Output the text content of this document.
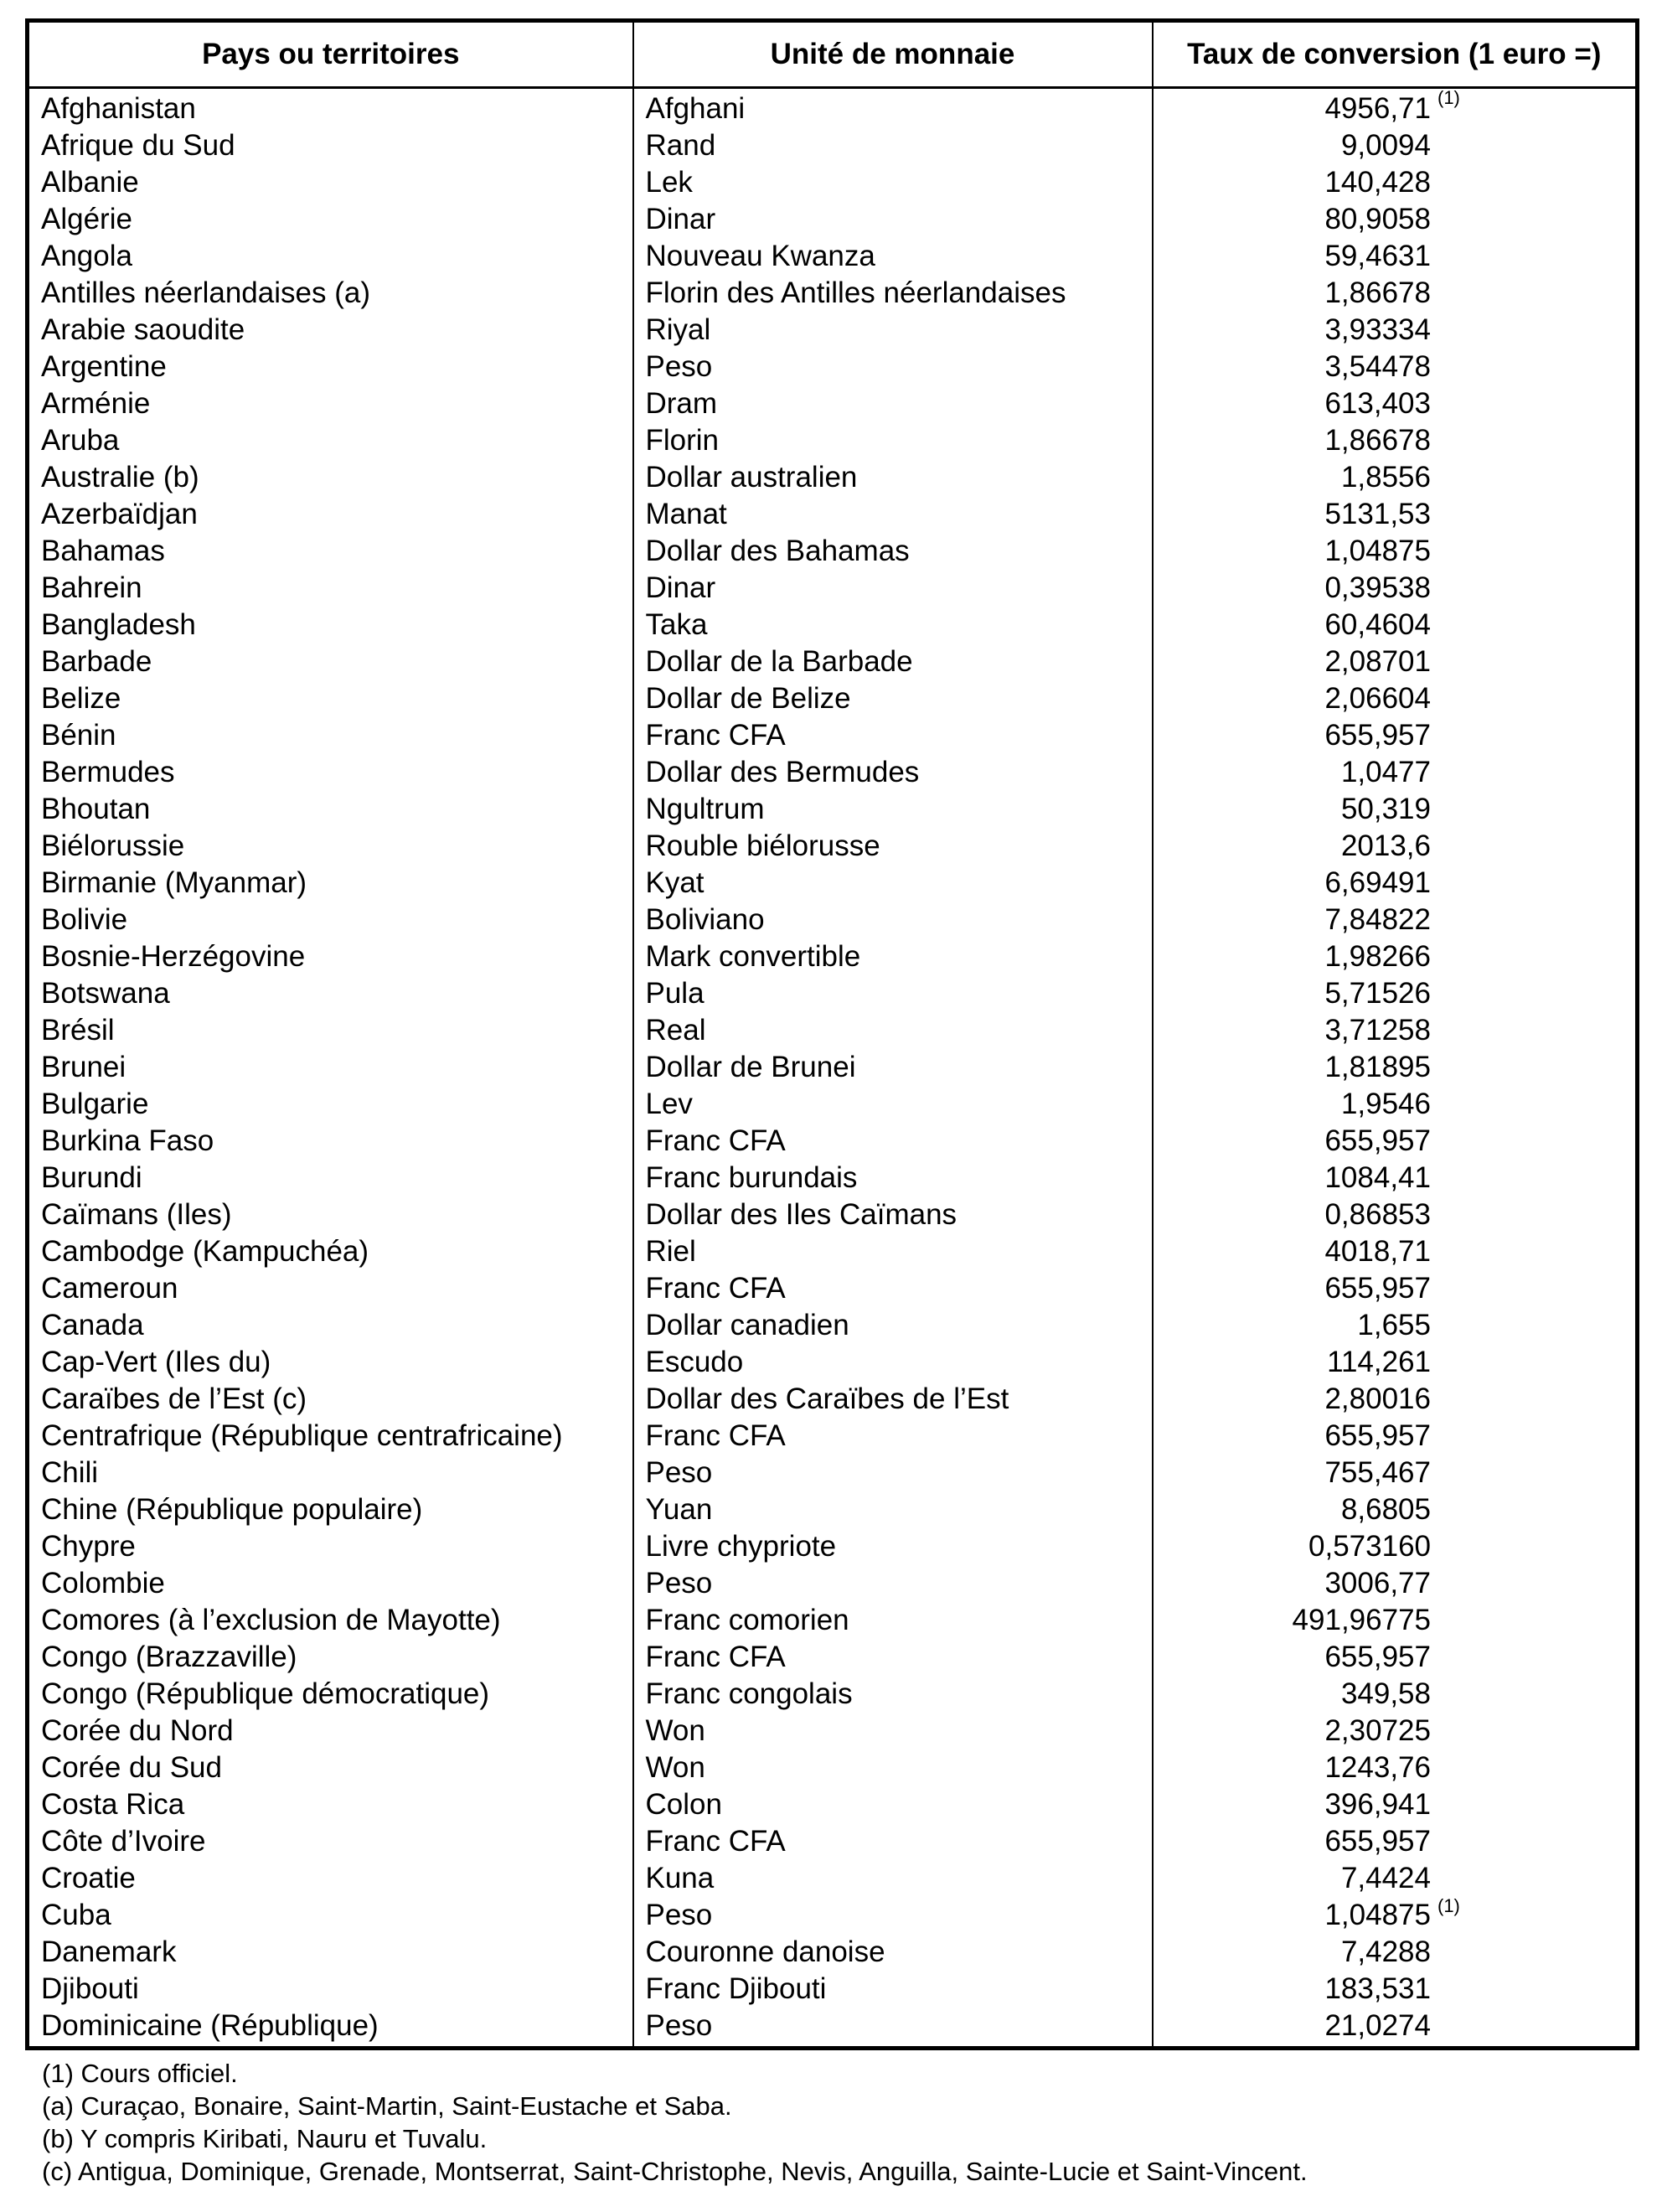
Pays ou territoires	Unité de monnaie	Taux de conversion (1 euro =)
Afghanistan	Afghani	4956,71 (1)

Afrique du Sud	Rand	9,0094
Albanie	Lek	140,428
Algérie	Dinar	80,9058
Angola	Nouveau Kwanza	59,4631
Antilles néerlandaises (a)	Florin des Antilles néerlandaises	1,86678
Arabie saoudite	Riyal	3,93334
Argentine	Peso	3,54478
Arménie	Dram	613,403
Aruba	Florin	1,86678
Australie (b)	Dollar australien	1,8556
Azerbaïdjan	Manat	5131,53
Bahamas	Dollar des Bahamas	1,04875
Bahrein	Dinar	0,39538
Bangladesh	Taka	60,4604
Barbade	Dollar de la Barbade	2,08701
Belize	Dollar de Belize	2,06604
Bénin	Franc CFA	655,957
Bermudes	Dollar des Bermudes	1,0477
Bhoutan	Ngultrum	50,319
Biélorussie	Rouble biélorusse	2013,6
Birmanie (Myanmar)	Kyat	6,69491
Bolivie	Boliviano	7,84822
Bosnie-Herzégovine	Mark convertible	1,98266
Botswana	Pula	5,71526
Brésil	Real	3,71258
Brunei	Dollar de Brunei	1,81895
Bulgarie	Lev	1,9546
Burkina Faso	Franc CFA	655,957
Burundi	Franc burundais	1084,41
Caïmans (Iles)	Dollar des Iles Caïmans	0,86853
Cambodge (Kampuchéa)	Riel	4018,71
Cameroun	Franc CFA	655,957
Canada	Dollar canadien	1,655
Cap-Vert (Iles du)	Escudo	114,261
Caraïbes de l’Est (c)	Dollar des Caraïbes de l’Est	2,80016
Centrafrique (République centrafricaine)	Franc CFA	655,957
Chili	Peso	755,467
Chine (République populaire)	Yuan	8,6805
Chypre	Livre chypriote	0,573160
Colombie	Peso	3006,77
Comores (à l’exclusion de Mayotte)	Franc comorien	491,96775
Congo (Brazzaville)	Franc CFA	655,957
Congo (République démocratique)	Franc congolais	349,58
Corée du Nord	Won	2,30725
Corée du Sud	Won	1243,76
Costa Rica	Colon	396,941
Côte d’Ivoire	Franc CFA	655,957
Croatie	Kuna	7,4424
Cuba	Peso	1,04875 (1)

Danemark	Couronne danoise	7,4288
Djibouti	Franc Djibouti	183,531
Dominicaine (République)	Peso	21,0274
(1) Cours officiel.
(a) Curaçao, Bonaire, Saint-Martin, Saint-Eustache et Saba.
(b) Y compris Kiribati, Nauru et Tuvalu.
(c) Antigua, Dominique, Grenade, Montserrat, Saint-Christophe, Nevis, Anguilla, Sainte-Lucie et Saint-Vincent.
